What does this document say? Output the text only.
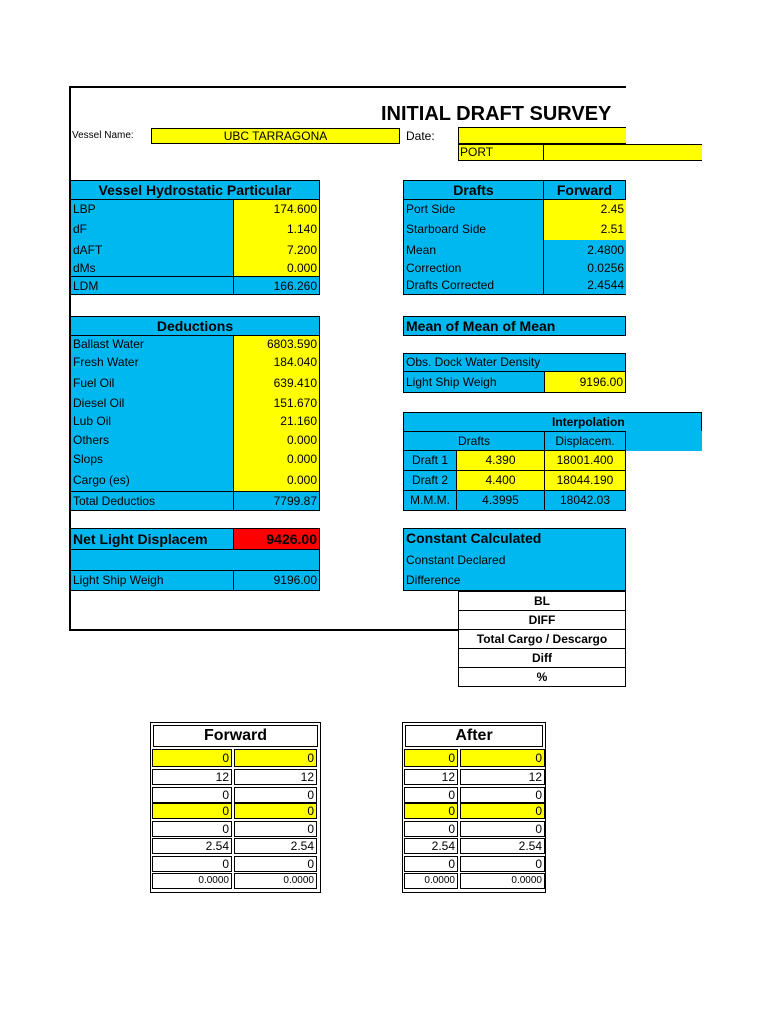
INITIAL DRAFT SURVEY
Vessel Name:	UBC TARRAGONA	Date:
PORT
Vessel Hydrostatic Particular
LBP	174.600
dF	1.140
dAFT	7.200
dMs	0.000
LDM	166.260
Drafts	Forward
Port Side	2.45
Starboard Side	2.51
Mean	2.4800
Correction	0.0256
Drafts Corrected	2.4544
Deductions
Ballast Water	6803.590
Fresh Water	184.040
Fuel Oil	639.410
Diesel Oil	151.670
Lub Oil	21.160
Others	0.000
Slops	0.000
Cargo (es)	0.000
Total Deductios	7799.87
Mean of Mean of Mean
Obs. Dock Water Density
Light Ship Weigh	9196.00
Interpolation
Drafts	Displacem.
Draft 1	4.390	18001.400
Draft 2	4.400	18044.190
M.M.M.	4.3995	18042.03
Net Light Displacem	9426.00
Light Ship Weigh	9196.00
Constant Calculated
Constant Declared
Difference
BL
DIFF
Total Cargo / Descargo
Diff
%
Forward
0	0
12	12
0	0
0	0
0	0
2.54	2.54
0	0
0.0000	0.0000
After
0	0
12	12
0	0
0	0
0	0
2.54	2.54
0	0
0.0000	0.0000
